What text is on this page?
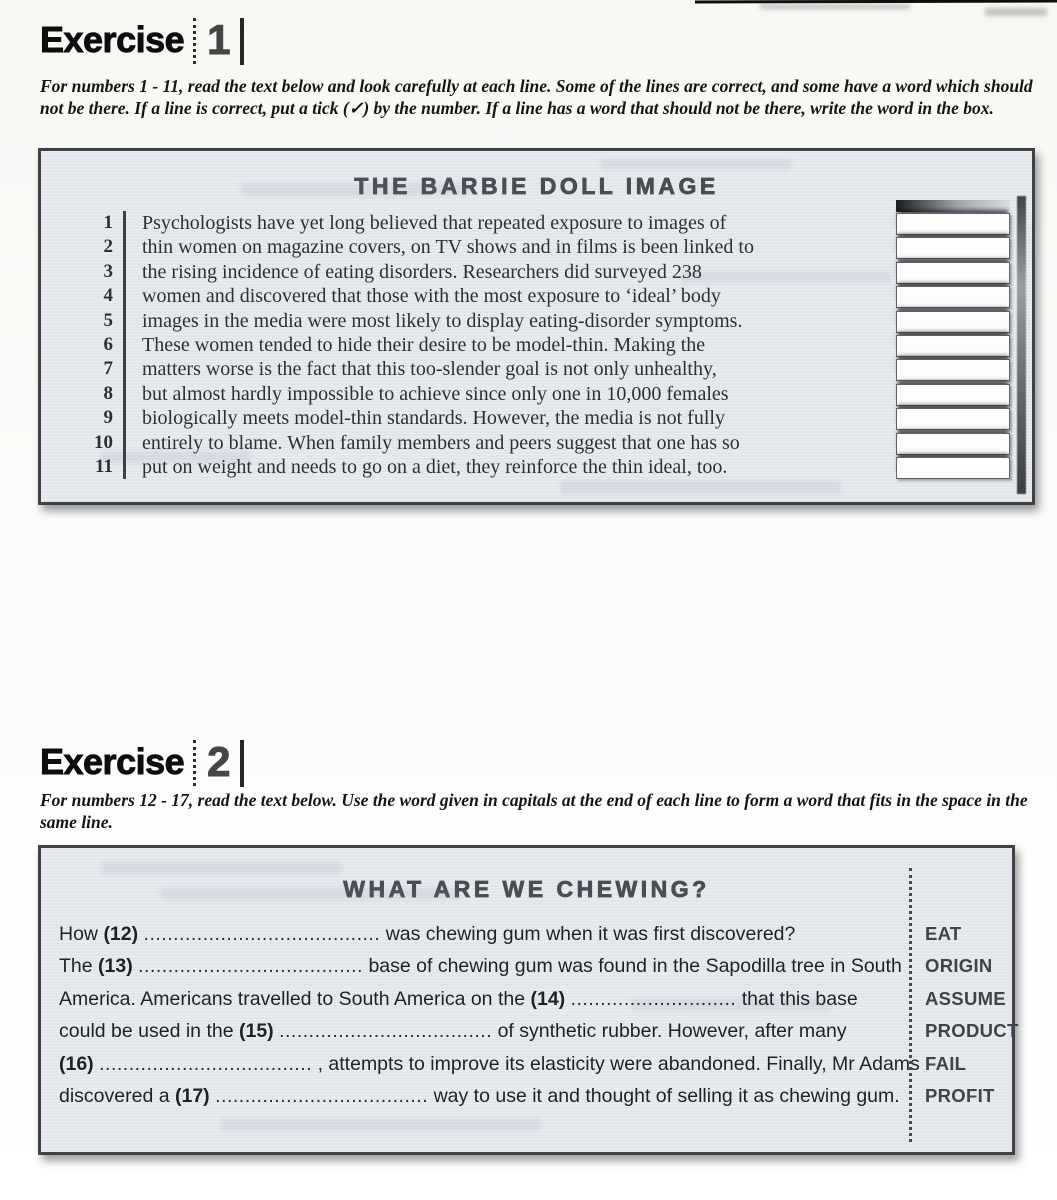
Exercise 1
For numbers 1 - 11, read the text below and look carefully at each line. Some of the lines are correct, and some have a word which should not be there. If a line is correct, put a tick (✓) by the number. If a line has a word that should not be there, write the word in the box.
THE BARBIE DOLL IMAGE
1
2
3
4
5
6
7
8
9
10
11
Psychologists have yet long believed that repeated exposure to images of
thin women on magazine covers, on TV shows and in films is been linked to
the rising incidence of eating disorders. Researchers did surveyed 238
women and discovered that those with the most exposure to ‘ideal’ body
images in the media were most likely to display eating-disorder symptoms.
These women tended to hide their desire to be model-thin. Making the
matters worse is the fact that this too-slender goal is not only unhealthy,
but almost hardly impossible to achieve since only one in 10,000 females
biologically meets model-thin standards. However, the media is not fully
entirely to blame. When family members and peers suggest that one has so
put on weight and needs to go on a diet, they reinforce the thin ideal, too.
Exercise 2
For numbers 12 - 17, read the text below. Use the word given in capitals at the end of each line to form a word that fits in the space in the same line.
WHAT ARE WE CHEWING?
How (12) ........................................ was chewing gum when it was first discovered?
The (13) ...................................... base of chewing gum was found in the Sapodilla tree in South
America. Americans travelled to South America on the (14) ............................ that this base
could be used in the (15) .................................... of synthetic rubber. However, after many
(16) .................................... , attempts to improve its elasticity were abandoned. Finally, Mr Adams
discovered a (17) .................................... way to use it and thought of selling it as chewing gum.
EAT
ORIGIN
ASSUME
PRODUCT
FAIL
PROFIT
